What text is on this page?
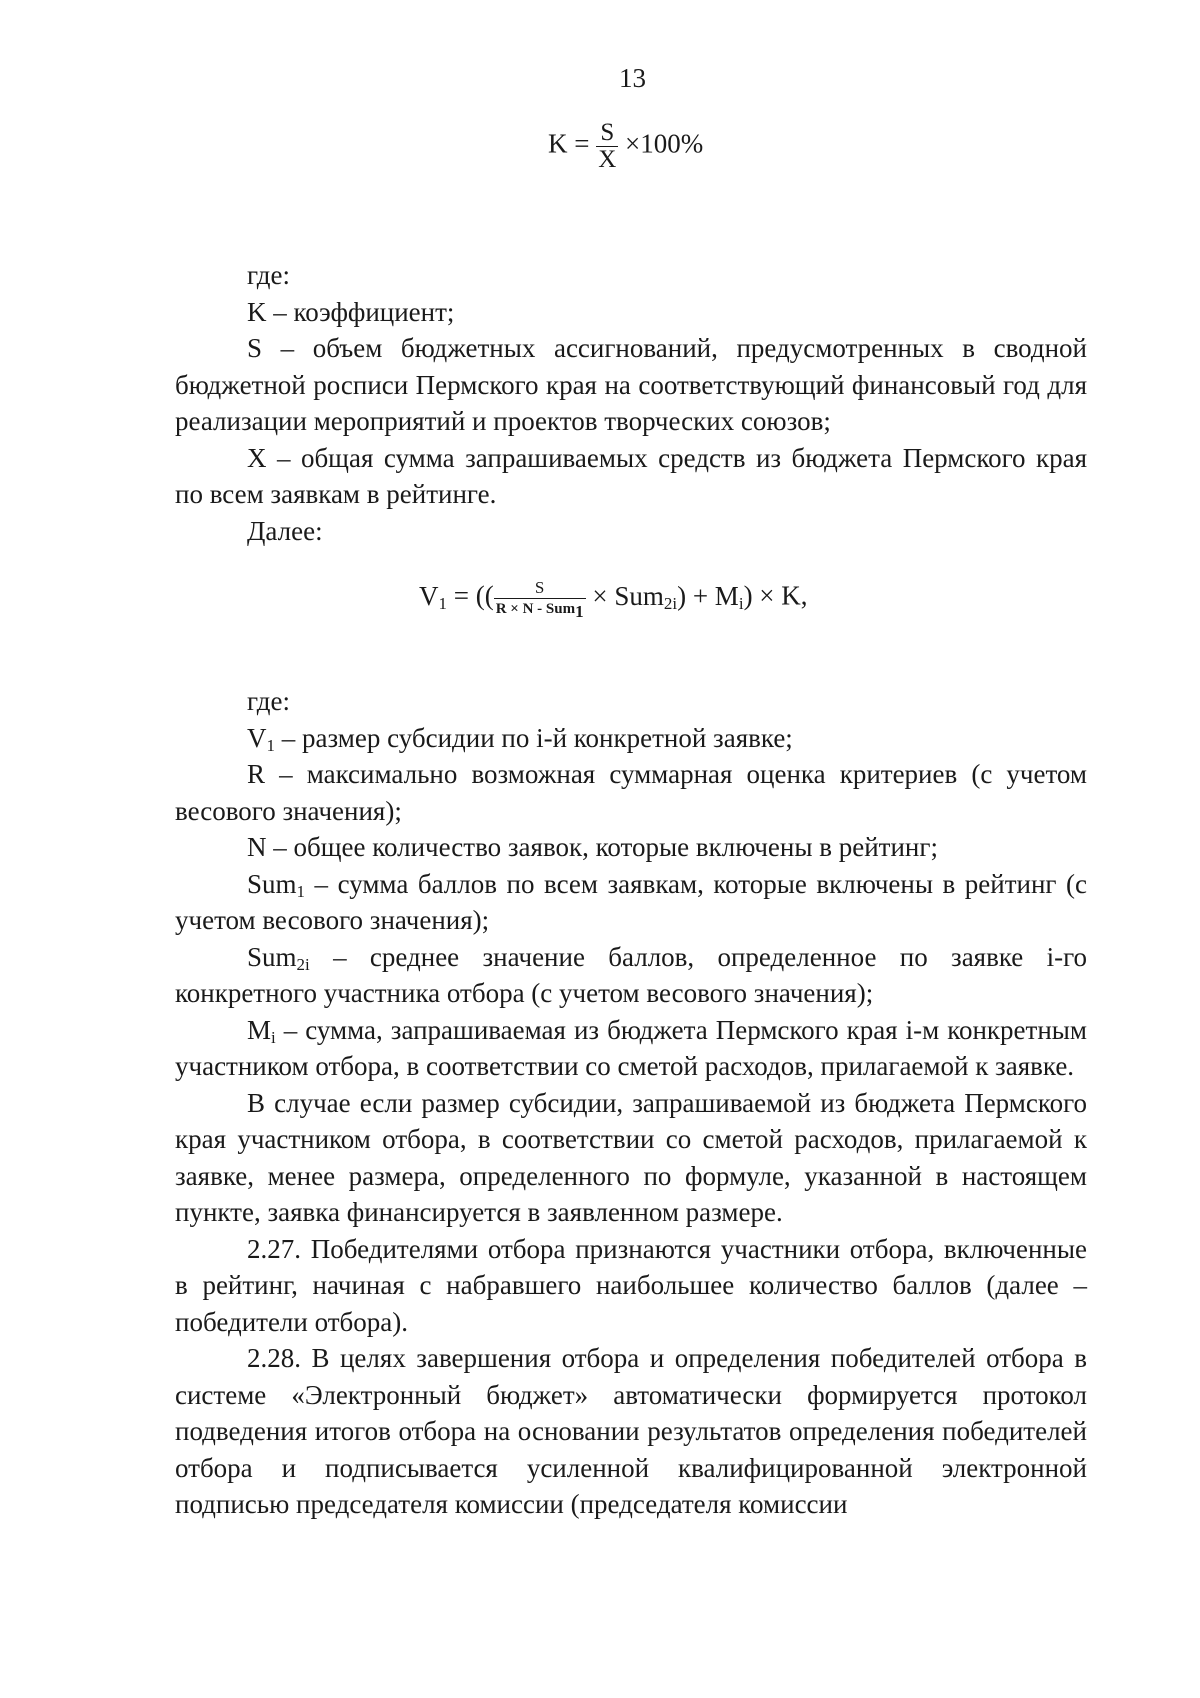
13
$K = \frac{S}{X} \times 100\%$

где:

K – коэффициент;

S – объем бюджетных ассигнований, предусмотренных в сводной бюджетной росписи Пермского края на соответствующий финансовый год для реализации мероприятий и проектов творческих союзов;

X – общая сумма запрашиваемых средств из бюджета Пермского края по всем заявкам в рейтинге.

Далее:

$V_1$ = (( $\frac{S}{R \times N - Sum_1} \times Sum_{2i}) + M_i) \times K$,

где:

$V_1$ – размер субсидии по i-й конкретной заявке;

R – максимально возможная суммарная оценка критериев (с учетом весового значения);

N – общее количество заявок, которые включены в рейтинг;

Sum$_1$ – сумма баллов по всем заявкам, которые включены в рейтинг (с учетом весового значения);

Sum$_{2i}$ – среднее значение баллов, определенное по заявке i-го конкретного участника отбора (с учетом весового значения);

$M_i$ – сумма, запрашиваемая из бюджета Пермского края i-м конкретным участником отбора, в соответствии со сметой расходов, прилагаемой к заявке.

В случае если размер субсидии, запрашиваемой из бюджета Пермского края участником отбора, в соответствии со сметой расходов, прилагаемой к заявке, менее размера, определенного по формуле, указанной в настоящем пункте, заявка финансируется в заявленном размере.

2.27. Победителями отбора признаются участники отбора, включенные в рейтинг, начиная с набравшего наибольшее количество баллов (далее – победители отбора).

2.28. В целях завершения отбора и определения победителей отбора в системе «Электронный бюджет» автоматически формируется протокол подведения итогов отбора на основании результатов определения победителей отбора и подписывается усиленной квалифицированной электронной подписью председателя комиссии (председателя комиссии
